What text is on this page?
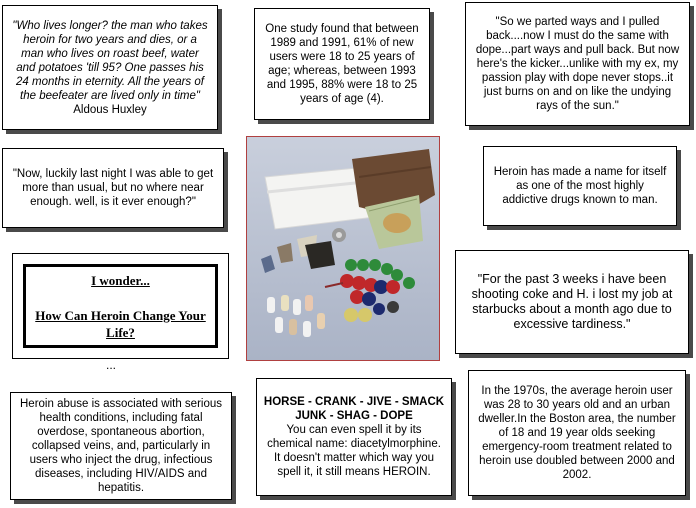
"Who lives longer? the man who takes heroin for two years and dies, or a man who lives on roast beef, water and potatoes 'till 95? One passes his 24 months in eternity. All the years of the beefeater are lived only in time"

Aldous Huxley

One study found that between 1989 and 1991, 61% of new users were 18 to 25 years of age; whereas, between 1993 and 1995, 88% were 18 to 25 years of age (4).

"So we parted ways and I pulled back....now I must do the same with dope...part ways and pull back. But now here's the kicker...unlike with my ex, my passion play with dope never stops..it just burns on and on like the undying rays of the sun."

"Now, luckily last night I was able to get more than usual, but no where near enough. well, is it ever enough?"

Heroin has made a name for itself as one of the most highly addictive drugs known to man.

"For the past 3 weeks i have been shooting coke and H. i lost my job at starbucks about a month ago due to excessive tardiness."

I wonder...
How Can Heroin Change Your Life?
...

Heroin abuse is associated with serious health conditions, including fatal overdose, spontaneous abortion, collapsed veins, and, particularly in users who inject the drug, infectious diseases, including HIV/AIDS and hepatitis.

HORSE - CRANK - JIVE - SMACK JUNK - SHAG - DOPE

You can even spell it by its chemical name: diacetylmorphine. It doesn't matter which way you spell it, it still means HEROIN.

In the 1970s, the average heroin user was 28 to 30 years old and an urban dweller.In the Boston area, the number of 18 and 19 year olds seeking emergency-room treatment related to heroin use doubled between 2000 and 2002.
